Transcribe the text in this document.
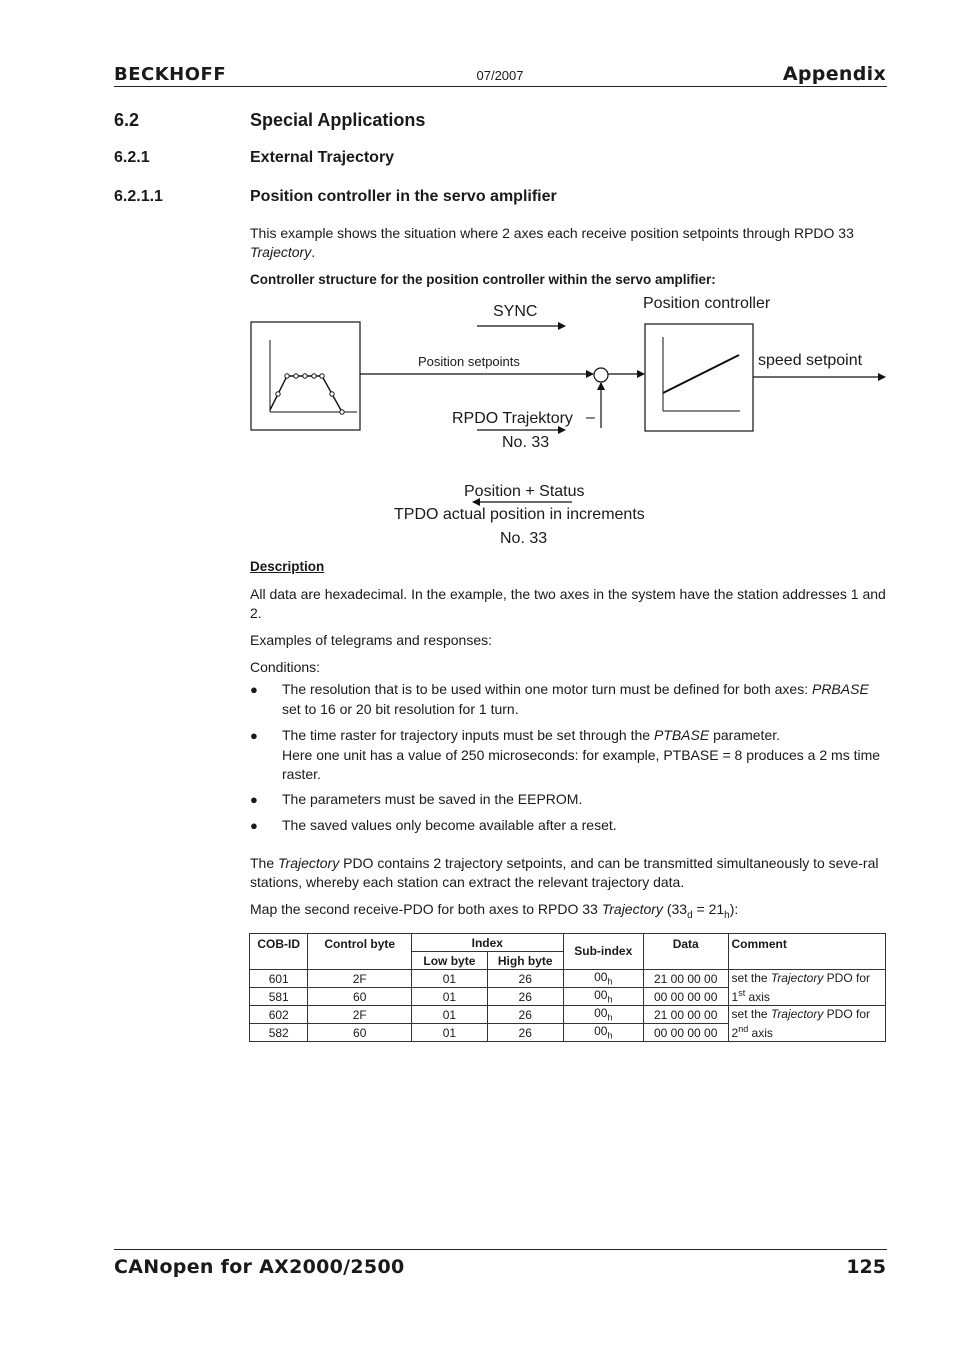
BECKHOFF	07/2007	Appendix
6.2	Special Applications
6.2.1	External Trajectory
6.2.1.1	Position controller in the servo amplifier
This example shows the situation where 2 axes each receive position setpoints through RPDO 33
Trajectory.
Controller structure for the position controller within the servo amplifier:
SYNC	Position controller
Position setpoints	speed setpoint
RPDO Trajektory –
No. 33
Position + Status
TPDO actual position in increments
No. 33
Description
All data are hexadecimal. In the example, the two axes in the system have the station addresses 1 and 2.
Examples of telegrams and responses:
Conditions:
● The resolution that is to be used within one motor turn must be defined for both axes: PRBASE set to 16 or 20 bit resolution for 1 turn.
● The time raster for trajectory inputs must be set through the PTBASE parameter.
Here one unit has a value of 250 microseconds: for example, PTBASE = 8 produces a 2 ms time raster.
● The parameters must be saved in the EEPROM.
● The saved values only become available after a reset.
The Trajectory PDO contains 2 trajectory setpoints, and can be transmitted simultaneously to seve-ral stations, whereby each station can extract the relevant trajectory data.
Map the second receive-PDO for both axes to RPDO 33 Trajectory $(33_d = 21_h)$:
COB-ID	Control byte	Index		Sub-index	Data	Comment
		Low byte	High byte			
601	2F	01	26	$00_h$	21 00 00 00	set the Trajectory PDO for
1st axis
581	60	01	26	$00_h$	00 00 00 00	
602	2F	01	26	$00_h$	21 00 00 00	set the Trajectory PDO for
2nd axis
582	60	01	26	$00_h$	00 00 00 00	
CANopen for AX2000/2500	125
